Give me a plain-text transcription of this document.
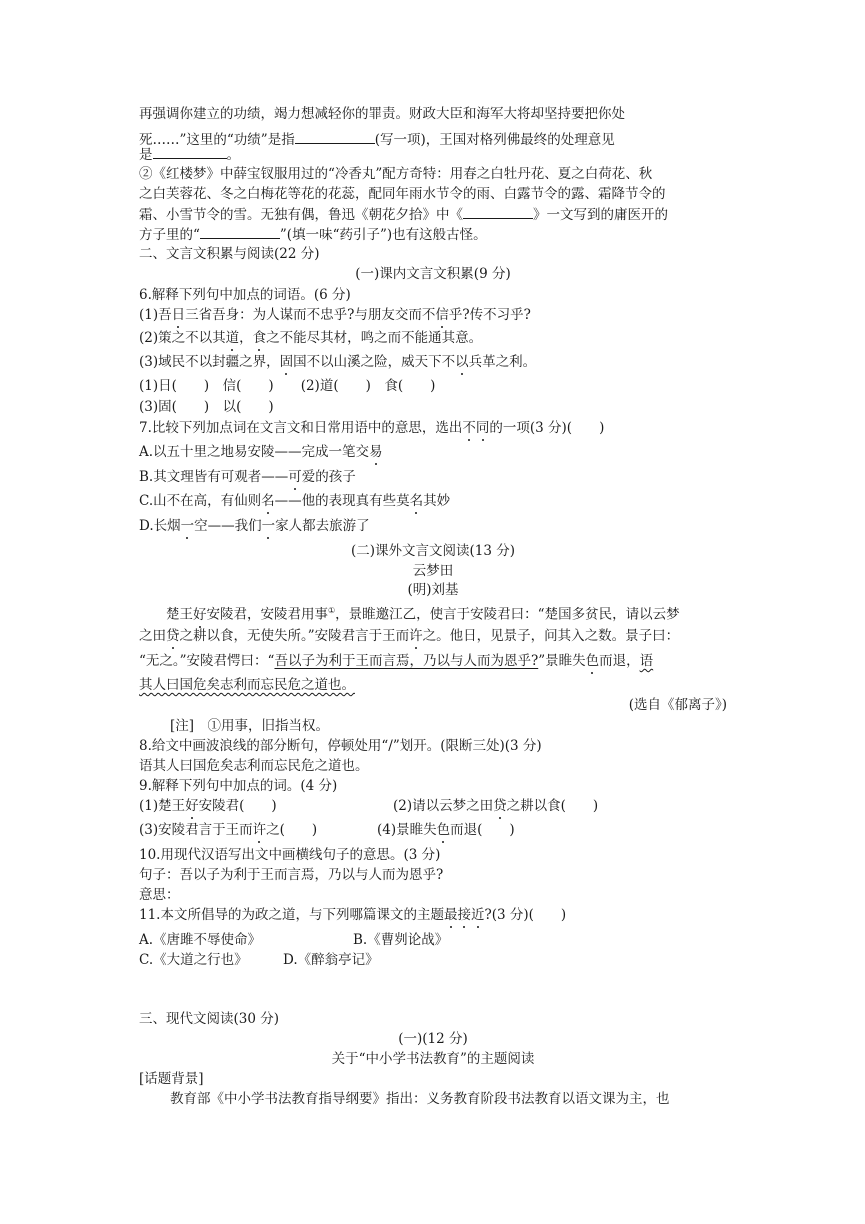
再强调你建立的功绩，竭力想减轻你的罪责。财政大臣和海军大将却坚持要把你处
死……”这里的“功绩”是指	(写一项)，王国对格列佛最终的处理意见
是	。
②《红楼梦》中薛宝钗服用过的“冷香丸”配方奇特：用春之白牡丹花、夏之白荷花、秋
之白芙蓉花、冬之白梅花等花的花蕊，配同年雨水节令的雨、白露节令的露、霜降节令的
霜、小雪节令的雪。无独有偶，鲁迅《朝花夕拾》中《	》一文写到的庸医开的
方子里的“	”(填一味“药引子”)也有这般古怪。
二、文言文积累与阅读(22 分)
(一)课内文言文积累(9 分)
6.解释下列句中加点的词语。(6 分)
(1)吾日三省吾身：为人谋而不忠乎?与朋友交而不信乎?传不习乎?
(2)策之不以其道，食之不能尽其材，鸣之而不能通其意。
(3)域民不以封疆之界，固国不以山溪之险，威天下不以兵革之利。
(1)日(　　)　信(　　)　　(2)道(　　)　食(　　)
(3)固(　　)　以(　　)
7.比较下列加点词在文言文和日常用语中的意思，选出不同的一项(3 分)(　　)
A.以五十里之地易安陵——完成一笔交易
B.其文理皆有可观者——可爱的孩子
C.山不在高，有仙则名——他的表现真有些莫名其妙
D.长烟一空——我们一家人都去旅游了
(二)课外文言文阅读(13 分)
云梦田
(明)刘基
楚王好安陵君，安陵君用事①，景睢邀江乙，使言于安陵君曰：“楚国多贫民，请以云梦
之田贷之耕以食，无使失所。”安陵君言于王而许之。他日，见景子，问其入之数。景子曰：
“无之。”安陵君愕曰：“吾以子为利于王而言焉，乃以与人而为恩乎?”景睢失色而退，语
其人曰国危矣志利而忘民危之道也。
(选自《郁离子》)
[注]　①用事，旧指当权。
8.给文中画波浪线的部分断句，停顿处用“/”划开。(限断三处)(3 分)
语其人曰国危矣志利而忘民危之道也。
9.解释下列句中加点的词。(4 分)
(1)楚王好安陵君(　　)	(2)请以云梦之田贷之耕以食(　　)
(3)安陵君言于王而许之(　　)	(4)景睢失色而退(　　)
10.用现代汉语写出文中画横线句子的意思。(3 分)
句子：吾以子为利于王而言焉，乃以与人而为恩乎?
意思：
11.本文所倡导的为政之道，与下列哪篇课文的主题最接近?(3 分)(　　)
A.《唐雎不辱使命》	B.《曹刿论战》
C.《大道之行也》	D.《醉翁亭记》
三、现代文阅读(30 分)
(一)(12 分)
关于“中小学书法教育”的主题阅读
[话题背景]
教育部《中小学书法教育指导纲要》指出：义务教育阶段书法教育以语文课为主，也
